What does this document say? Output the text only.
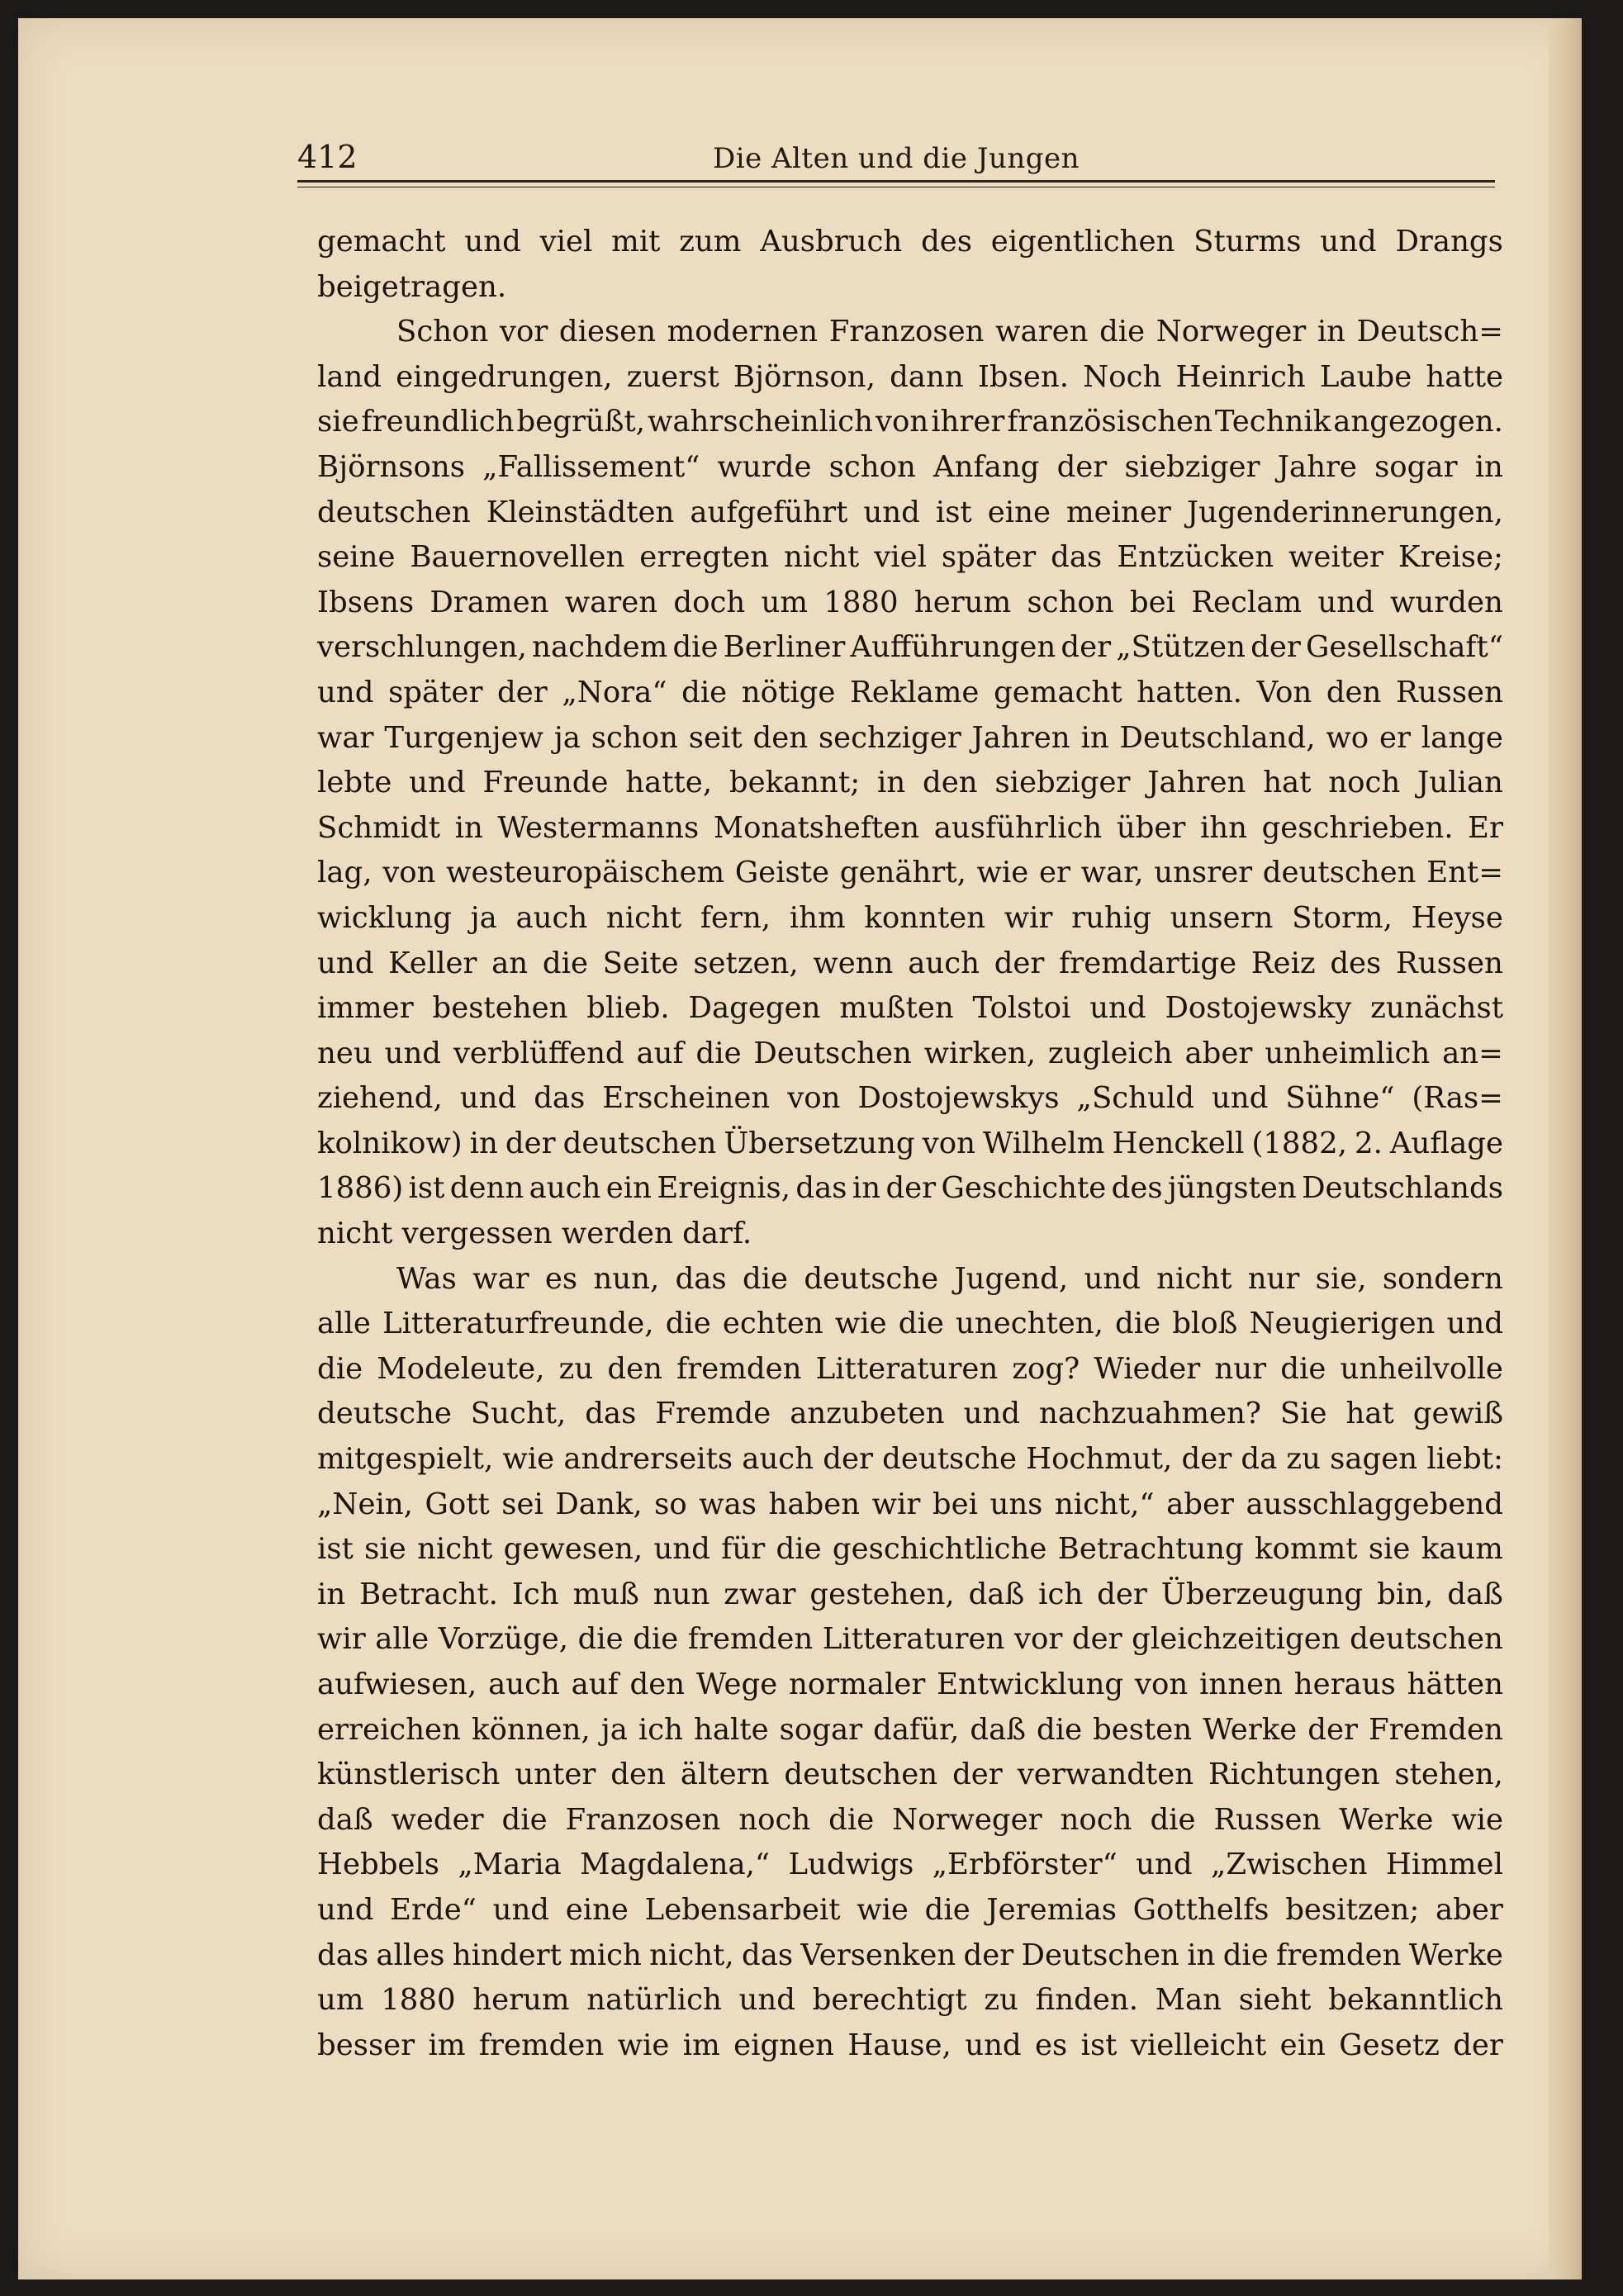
412	Die Alten und die Jungen
gemacht und viel mit zum Ausbruch des eigentlichen Sturms und Drangs
beigetragen.
Schon vor diesen modernen Franzosen waren die Norweger in Deutsch=
land eingedrungen, zuerst Björnson, dann Ibsen. Noch Heinrich Laube hatte
sie freundlich begrüßt, wahrscheinlich von ihrer französischen Technik angezogen.
Björnsons „Fallissement“ wurde schon Anfang der siebziger Jahre sogar in
deutschen Kleinstädten aufgeführt und ist eine meiner Jugenderinnerungen,
seine Bauernovellen erregten nicht viel später das Entzücken weiter Kreise;
Ibsens Dramen waren doch um 1880 herum schon bei Reclam und wurden
verschlungen, nachdem die Berliner Aufführungen der „Stützen der Gesellschaft“
und später der „Nora“ die nötige Reklame gemacht hatten. Von den Russen
war Turgenjew ja schon seit den sechziger Jahren in Deutschland, wo er lange
lebte und Freunde hatte, bekannt; in den siebziger Jahren hat noch Julian
Schmidt in Westermanns Monatsheften ausführlich über ihn geschrieben. Er
lag, von westeuropäischem Geiste genährt, wie er war, unsrer deutschen Ent=
wicklung ja auch nicht fern, ihm konnten wir ruhig unsern Storm, Heyse
und Keller an die Seite setzen, wenn auch der fremdartige Reiz des Russen
immer bestehen blieb. Dagegen mußten Tolstoi und Dostojewsky zunächst
neu und verblüffend auf die Deutschen wirken, zugleich aber unheimlich an=
ziehend, und das Erscheinen von Dostojewskys „Schuld und Sühne“ (Ras=
kolnikow) in der deutschen Übersetzung von Wilhelm Henckell (1882, 2. Auflage
1886) ist denn auch ein Ereignis, das in der Geschichte des jüngsten Deutschlands
nicht vergessen werden darf.
Was war es nun, das die deutsche Jugend, und nicht nur sie, sondern
alle Litteraturfreunde, die echten wie die unechten, die bloß Neugierigen und
die Modeleute, zu den fremden Litteraturen zog? Wieder nur die unheilvolle
deutsche Sucht, das Fremde anzubeten und nachzuahmen? Sie hat gewiß
mitgespielt, wie andrerseits auch der deutsche Hochmut, der da zu sagen liebt:
„Nein, Gott sei Dank, so was haben wir bei uns nicht,“ aber ausschlaggebend
ist sie nicht gewesen, und für die geschichtliche Betrachtung kommt sie kaum
in Betracht. Ich muß nun zwar gestehen, daß ich der Überzeugung bin, daß
wir alle Vorzüge, die die fremden Litteraturen vor der gleichzeitigen deutschen
aufwiesen, auch auf den Wege normaler Entwicklung von innen heraus hätten
erreichen können, ja ich halte sogar dafür, daß die besten Werke der Fremden
künstlerisch unter den ältern deutschen der verwandten Richtungen stehen,
daß weder die Franzosen noch die Norweger noch die Russen Werke wie
Hebbels „Maria Magdalena,“ Ludwigs „Erbförster“ und „Zwischen Himmel
und Erde“ und eine Lebensarbeit wie die Jeremias Gotthelfs besitzen; aber
das alles hindert mich nicht, das Versenken der Deutschen in die fremden Werke
um 1880 herum natürlich und berechtigt zu finden. Man sieht bekanntlich
besser im fremden wie im eignen Hause, und es ist vielleicht ein Gesetz der
